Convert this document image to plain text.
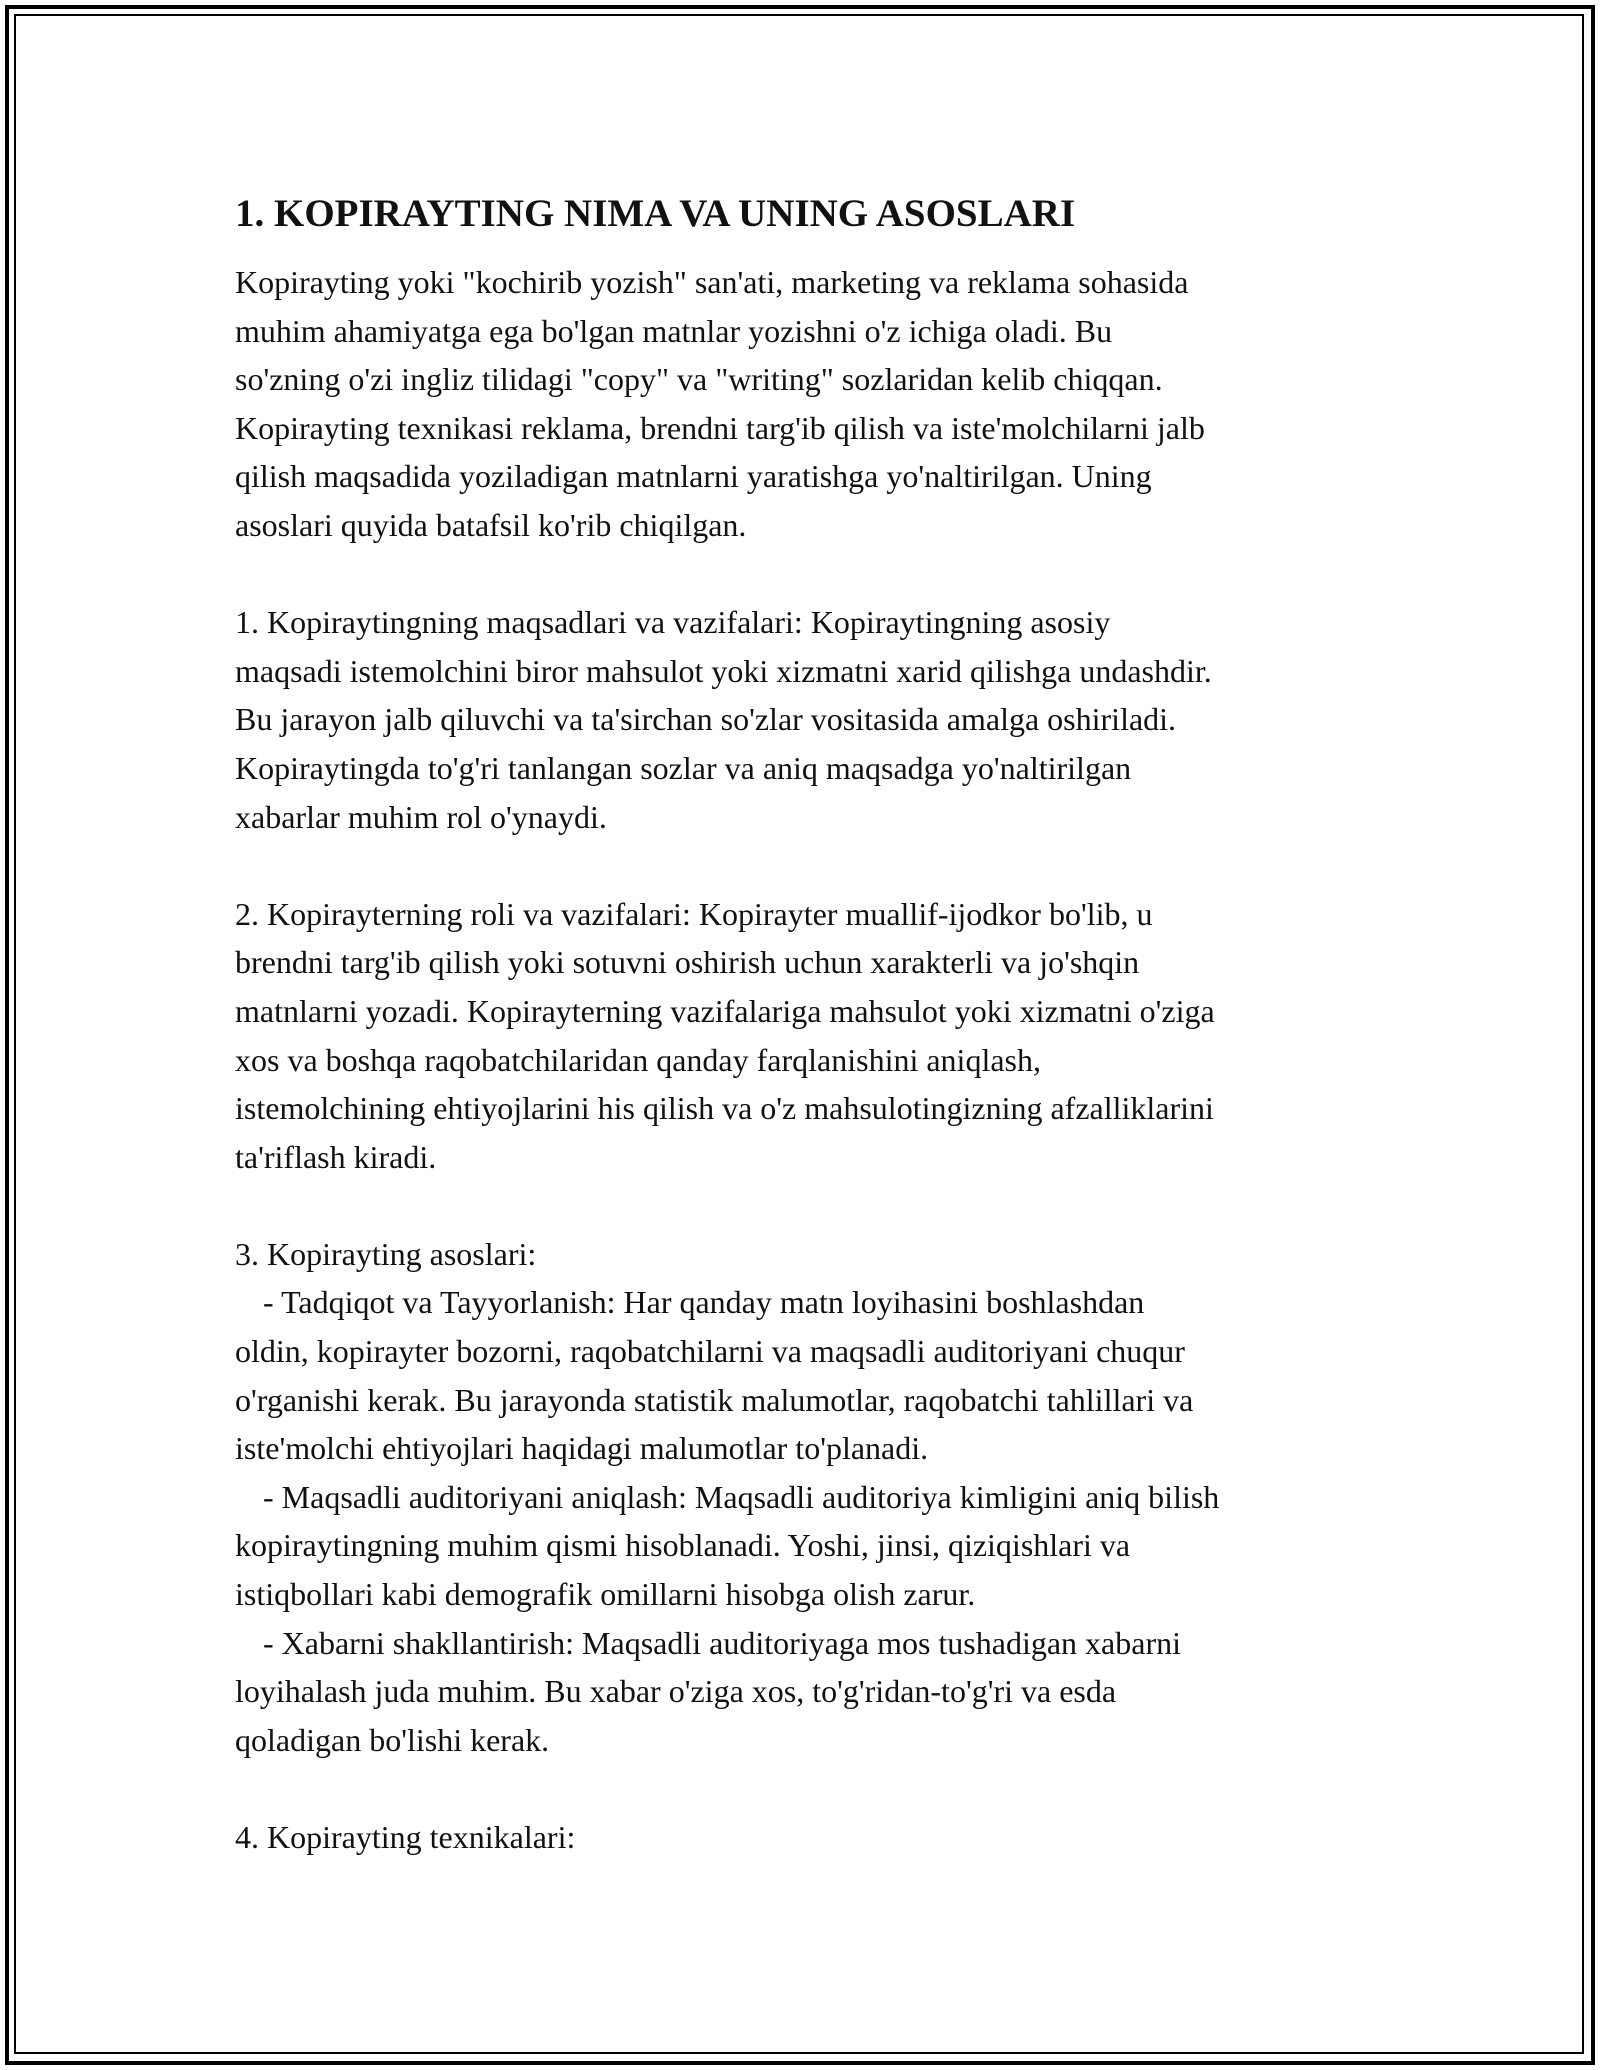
1. KOPIRAYTING NIMA VA UNING ASOSLARI

Kopirayting yoki "kochirib yozish" san'ati, marketing va reklama sohasida
muhim ahamiyatga ega bo'lgan matnlar yozishni o'z ichiga oladi. Bu
so'zning o'zi ingliz tilidagi "copy" va "writing" sozlaridan kelib chiqqan.
Kopirayting texnikasi reklama, brendni targ'ib qilish va iste'molchilarni jalb
qilish maqsadida yoziladigan matnlarni yaratishga yo'naltirilgan. Uning
asoslari quyida batafsil ko'rib chiqilgan.

1. Kopiraytingning maqsadlari va vazifalari: Kopiraytingning asosiy
maqsadi istemolchini biror mahsulot yoki xizmatni xarid qilishga undashdir.
Bu jarayon jalb qiluvchi va ta'sirchan so'zlar vositasida amalga oshiriladi.
Kopiraytingda to'g'ri tanlangan sozlar va aniq maqsadga yo'naltirilgan
xabarlar muhim rol o'ynaydi.

2. Kopirayterning roli va vazifalari: Kopirayter muallif-ijodkor bo'lib, u
brendni targ'ib qilish yoki sotuvni oshirish uchun xarakterli va jo'shqin
matnlarni yozadi. Kopirayterning vazifalariga mahsulot yoki xizmatni o'ziga
xos va boshqa raqobatchilaridan qanday farqlanishini aniqlash,
istemolchining ehtiyojlarini his qilish va o'z mahsulotingizning afzalliklarini
ta'riflash kiradi.

3. Kopirayting asoslari:

- Tadqiqot va Tayyorlanish: Har qanday matn loyihasini boshlashdan
oldin, kopirayter bozorni, raqobatchilarni va maqsadli auditoriyani chuqur
o'rganishi kerak. Bu jarayonda statistik malumotlar, raqobatchi tahlillari va
iste'molchi ehtiyojlari haqidagi malumotlar to'planadi.

- Maqsadli auditoriyani aniqlash: Maqsadli auditoriya kimligini aniq bilish
kopiraytingning muhim qismi hisoblanadi. Yoshi, jinsi, qiziqishlari va
istiqbollari kabi demografik omillarni hisobga olish zarur.

- Xabarni shakllantirish: Maqsadli auditoriyaga mos tushadigan xabarni
loyihalash juda muhim. Bu xabar o'ziga xos, to'g'ridan-to'g'ri va esda
qoladigan bo'lishi kerak.

4. Kopirayting texnikalari:
